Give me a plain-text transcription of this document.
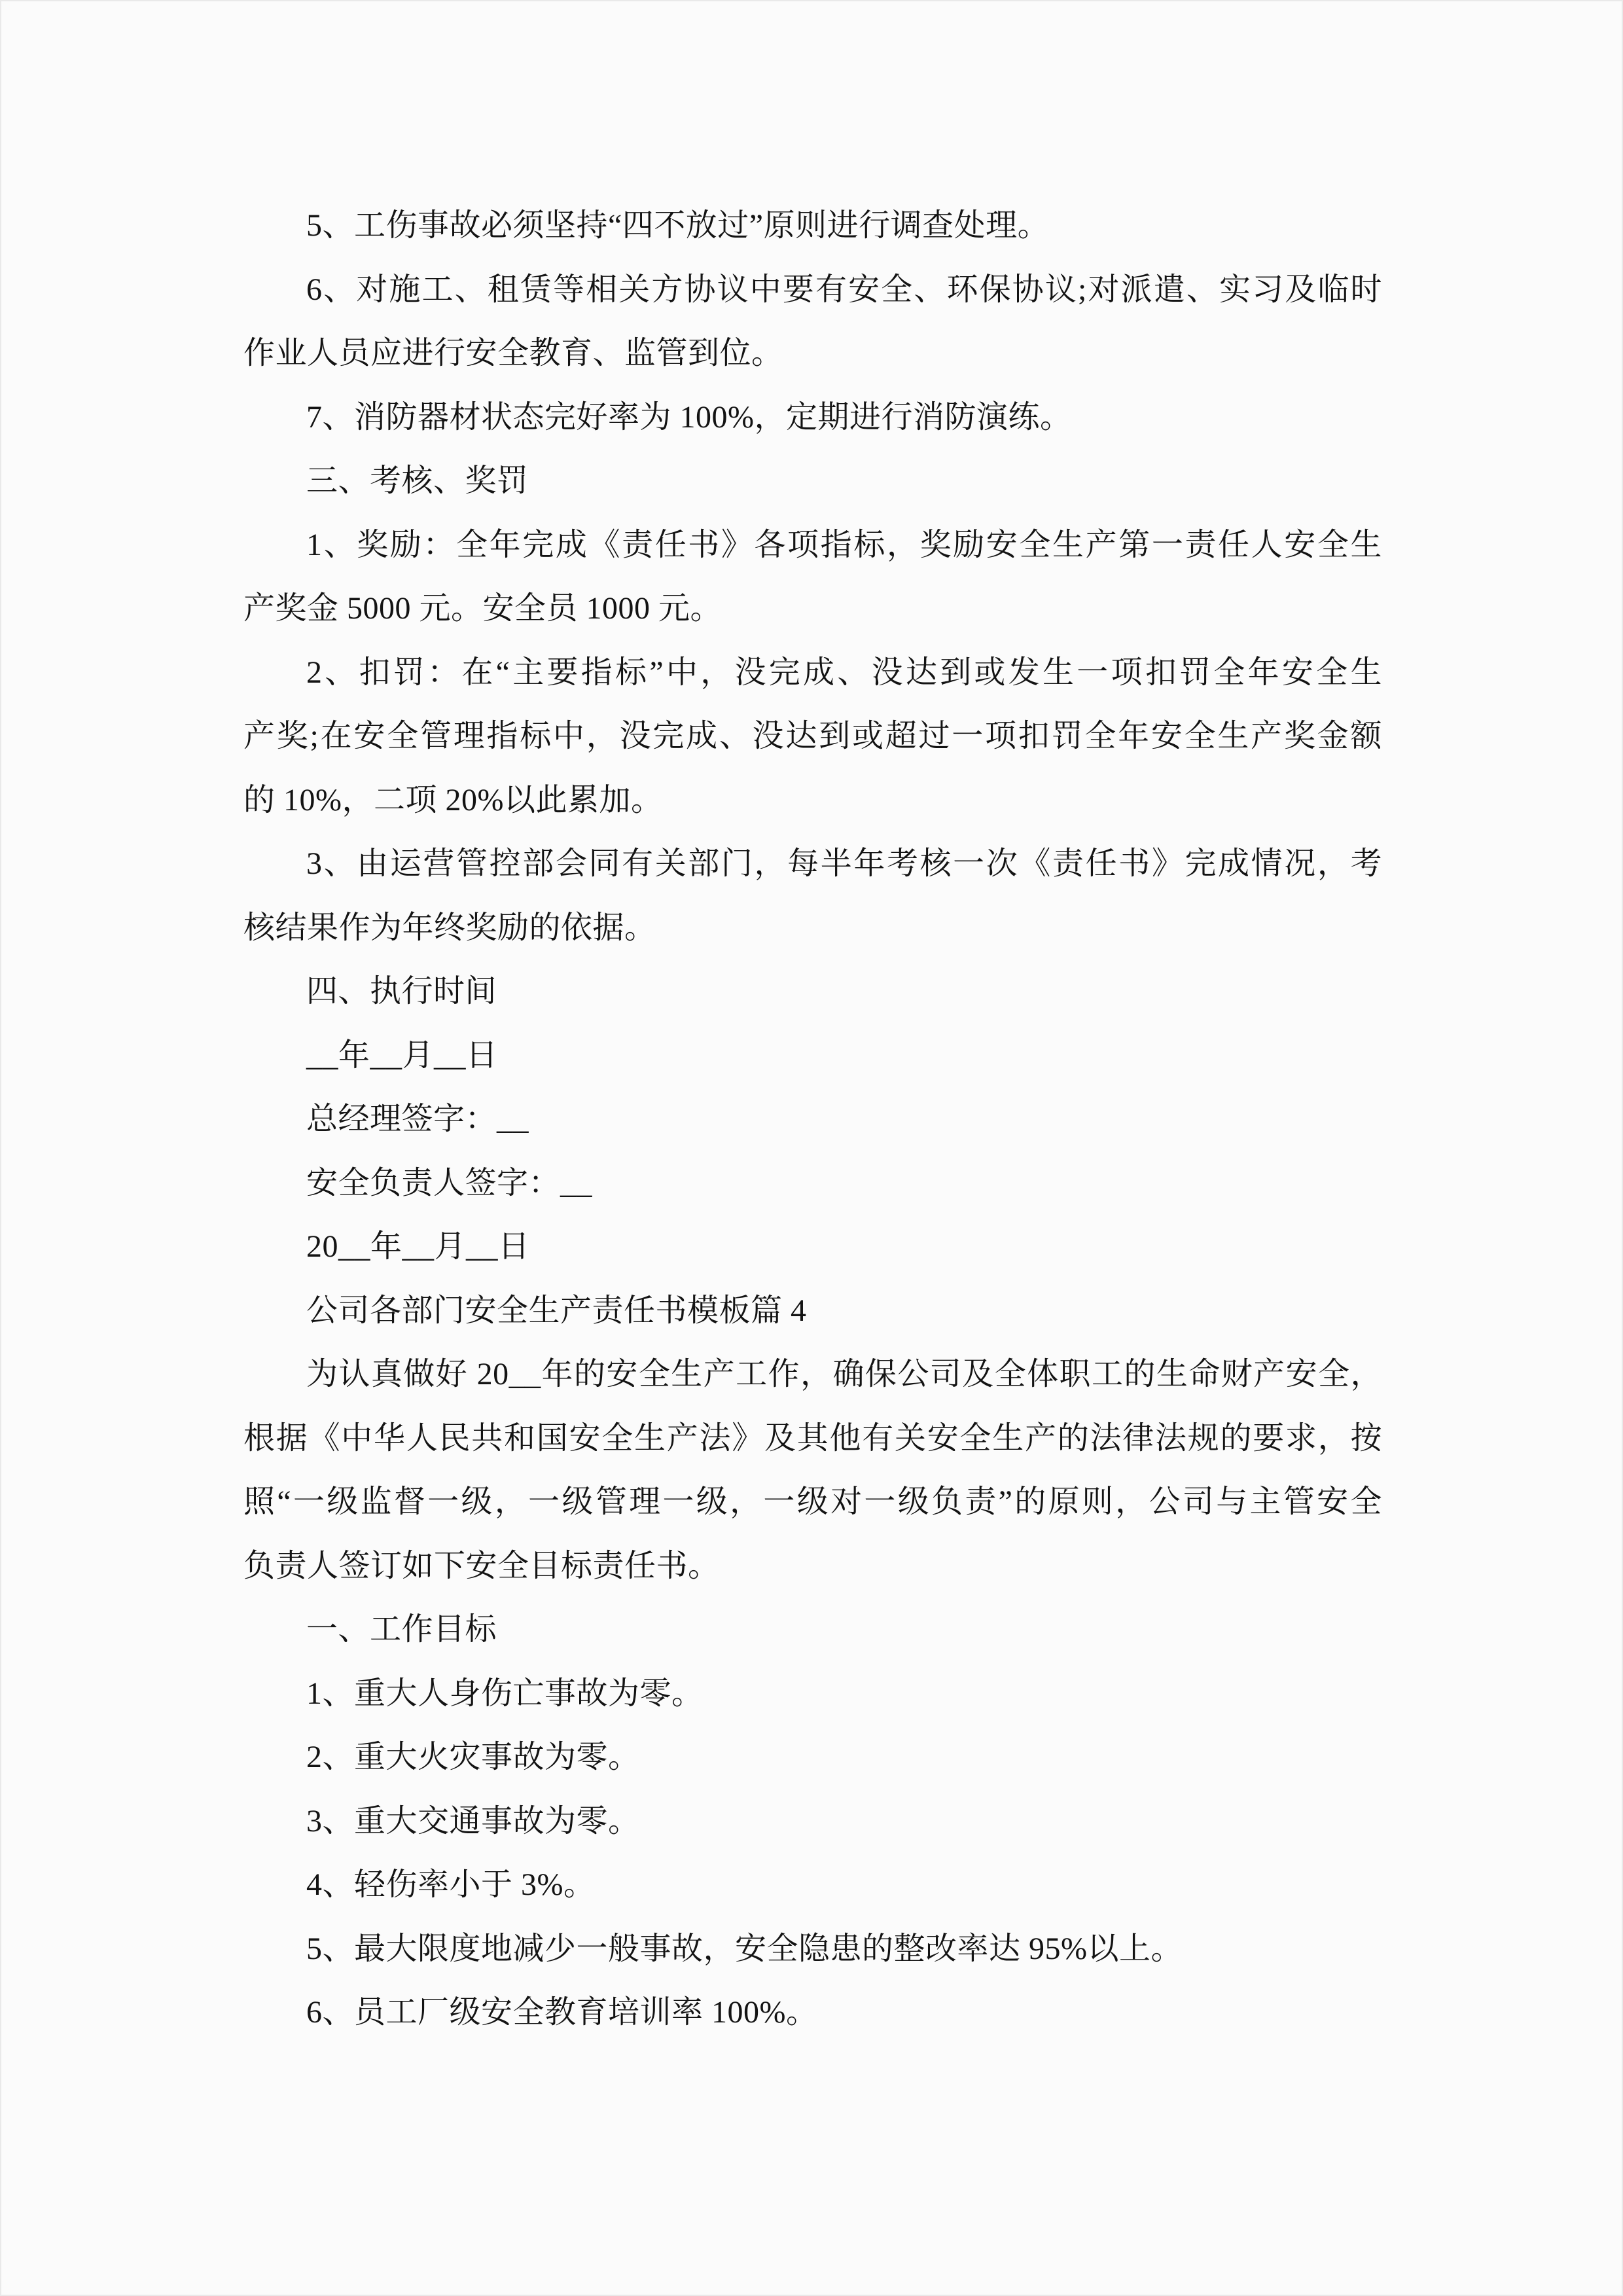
5、工伤事故必须坚持“四不放过”原则进行调查处理。
6、对施工、租赁等相关方协议中要有安全、环保协议;对派遣、实习及临时
作业人员应进行安全教育、监管到位。
7、消防器材状态完好率为 100%，定期进行消防演练。
三、考核、奖罚
1、奖励：全年完成《责任书》各项指标，奖励安全生产第一责任人安全生
产奖金 5000 元。安全员 1000 元。
2、扣罚：在“主要指标”中，没完成、没达到或发生一项扣罚全年安全生
产奖;在安全管理指标中，没完成、没达到或超过一项扣罚全年安全生产奖金额
的 10%，二项 20%以此累加。
3、由运营管控部会同有关部门，每半年考核一次《责任书》完成情况，考
核结果作为年终奖励的依据。
四、执行时间
__年__月__日
总经理签字：__
安全负责人签字：__
20__年__月__日
公司各部门安全生产责任书模板篇 4
为认真做好 20__年的安全生产工作，确保公司及全体职工的生命财产安全，
根据《中华人民共和国安全生产法》及其他有关安全生产的法律法规的要求，按
照“一级监督一级，一级管理一级，一级对一级负责”的原则，公司与主管安全
负责人签订如下安全目标责任书。
一、工作目标
1、重大人身伤亡事故为零。
2、重大火灾事故为零。
3、重大交通事故为零。
4、轻伤率小于 3%。
5、最大限度地减少一般事故，安全隐患的整改率达 95%以上。
6、员工厂级安全教育培训率 100%。
